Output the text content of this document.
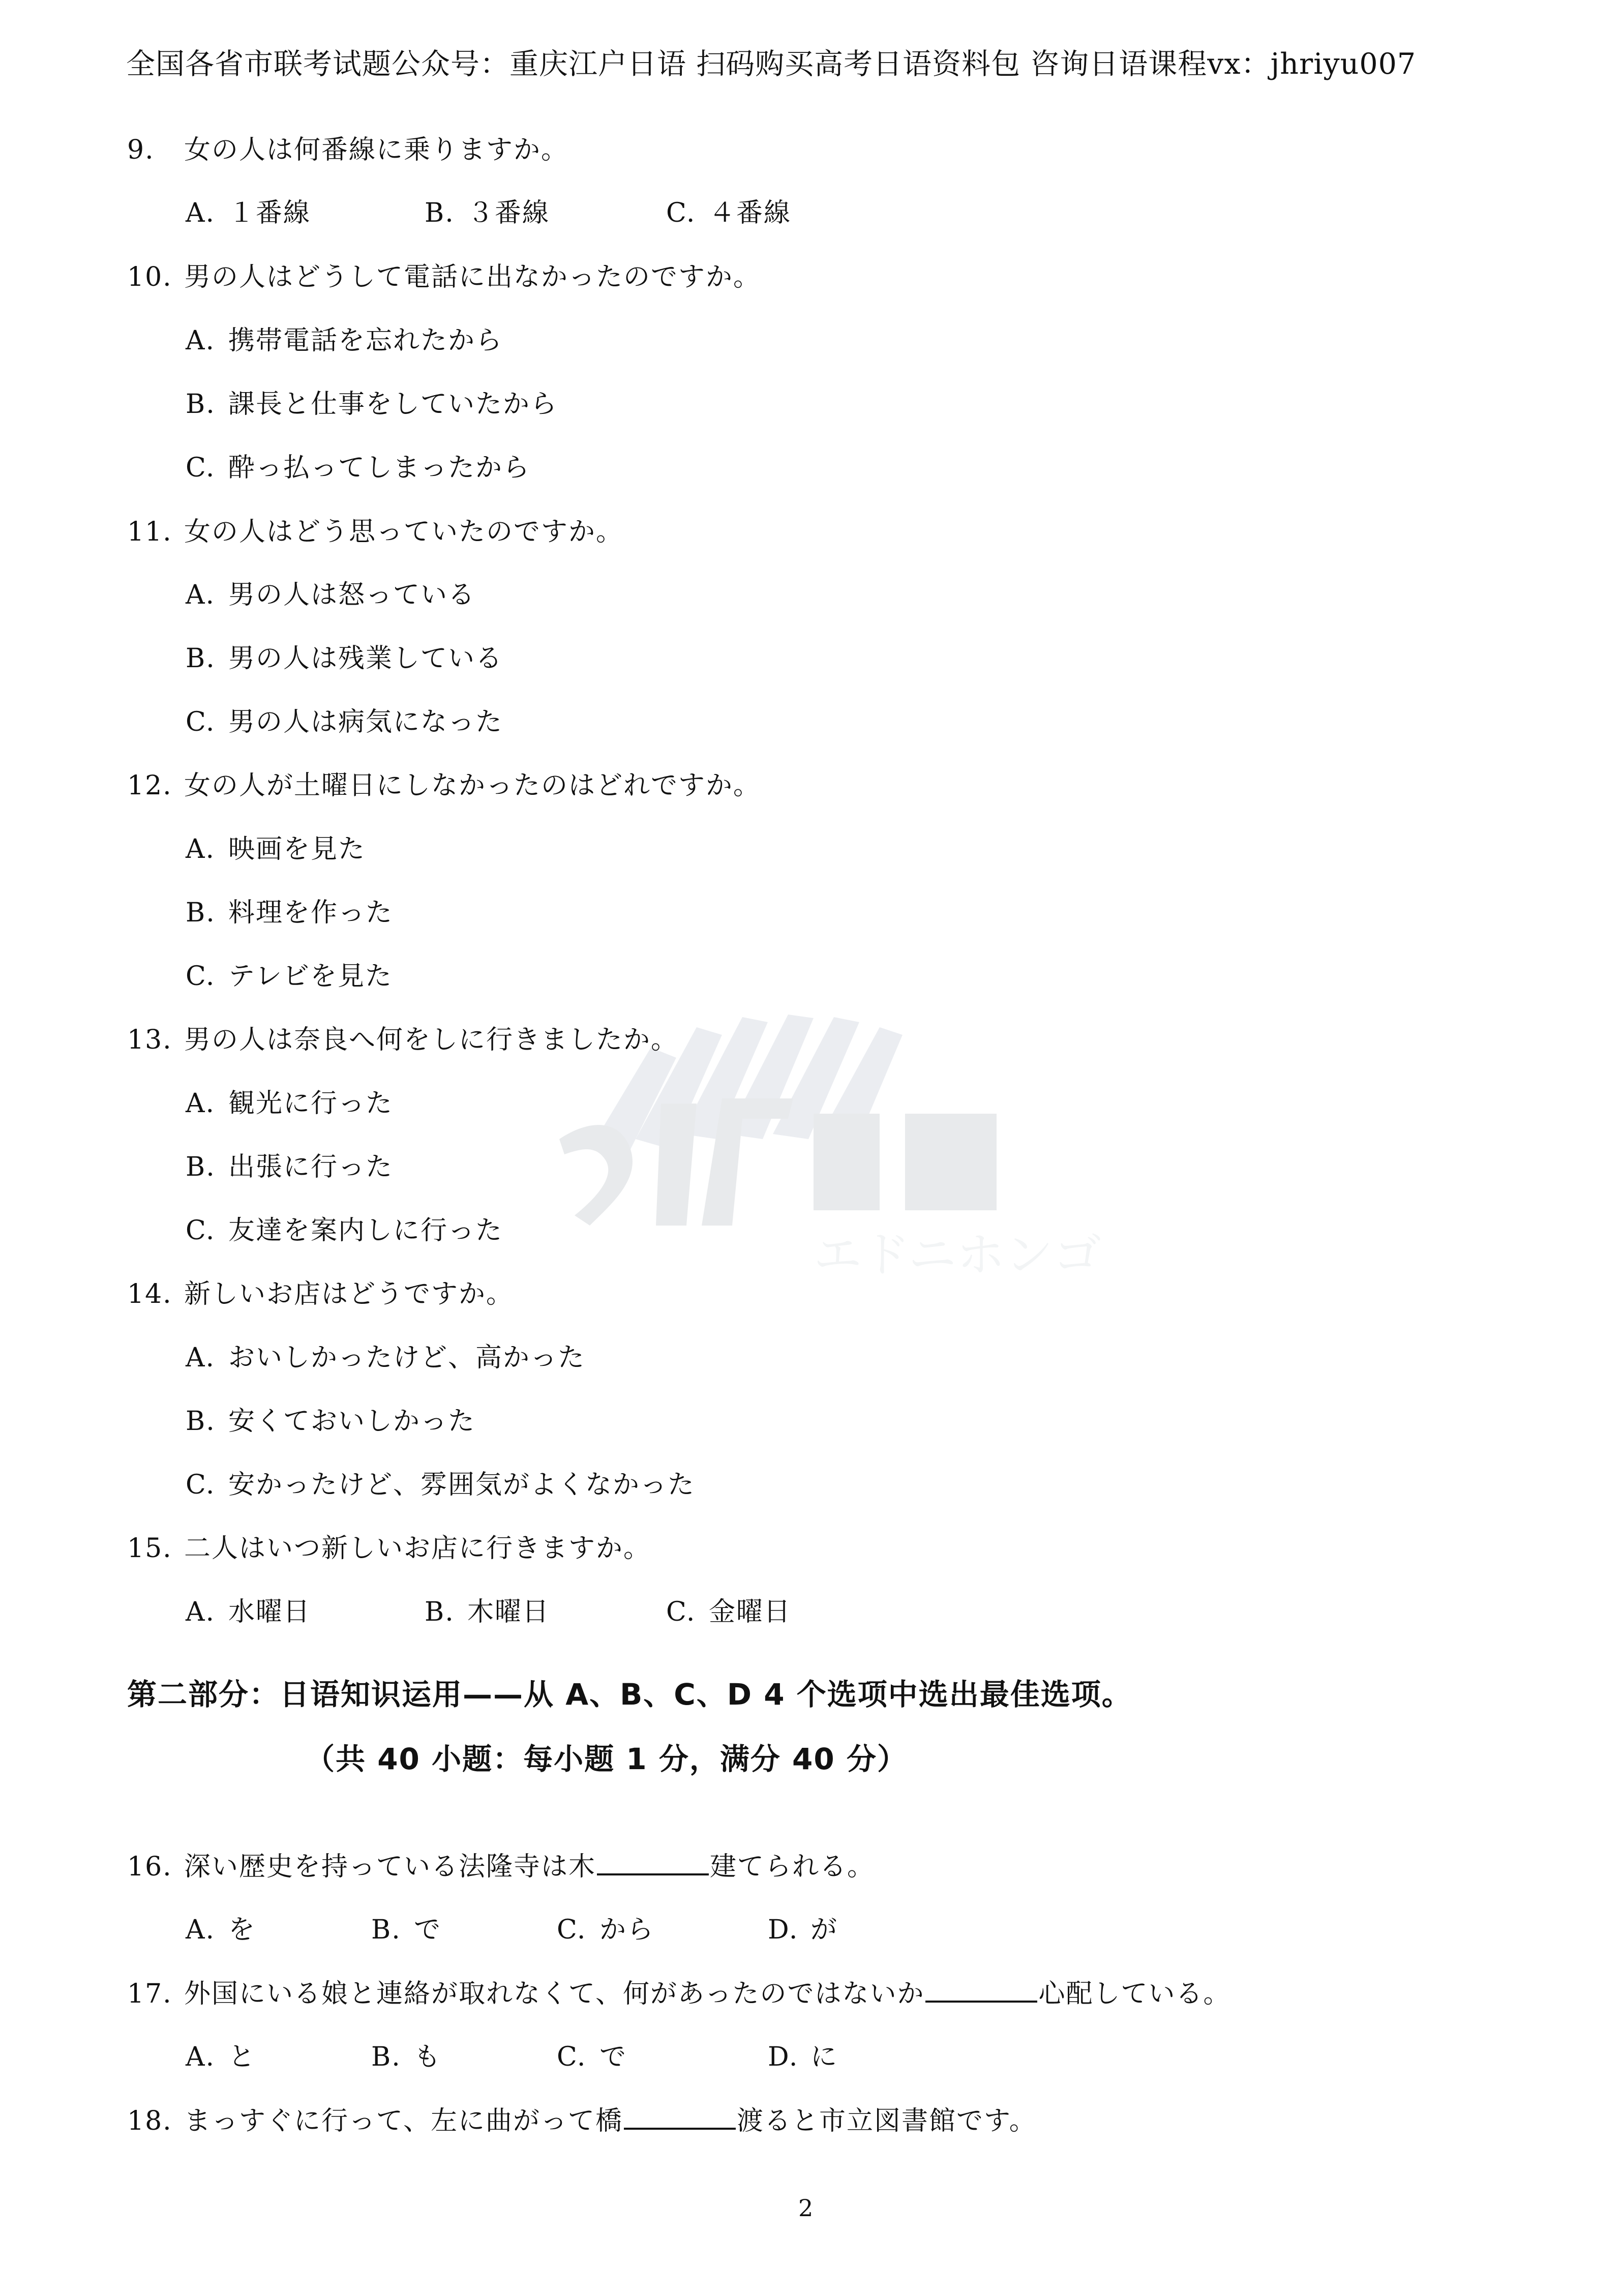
全国各省市联考试题公众号：重庆江户日语 扫码购买高考日语资料包 咨询日语课程vx：jhriyu007
エドニホンゴ
9. 女の人は何番線に乗りますか。
A. １番線	B. ３番線	C. ４番線
10. 男の人はどうして電話に出なかったのですか。
A. 携帯電話を忘れたから
B. 課長と仕事をしていたから
C. 酔っ払ってしまったから
11. 女の人はどう思っていたのですか。
A. 男の人は怒っている
B. 男の人は残業している
C. 男の人は病気になった
12. 女の人が土曜日にしなかったのはどれですか。
A. 映画を見た
B. 料理を作った
C. テレビを見た
13. 男の人は奈良へ何をしに行きましたか。
A. 観光に行った
B. 出張に行った
C. 友達を案内しに行った
14. 新しいお店はどうですか。
A. おいしかったけど、高かった
B. 安くておいしかった
C. 安かったけど、雰囲気がよくなかった
15. 二人はいつ新しいお店に行きますか。
A. 水曜日	B. 木曜日	C. 金曜日
第二部分：日语知识运用——从 A、B、C、D 4 个选项中选出最佳选项。
（共 40 小题：每小题 1 分，满分 40 分）
16. 深い歴史を持っている法隆寺は木	建てられる。
A. を	B. で	C. から	D. が
17. 外国にいる娘と連絡が取れなくて、何があったのではないか	心配している。
A. と	B. も	C. で	D. に
18. まっすぐに行って、左に曲がって橋	渡ると市立図書館です。
2
